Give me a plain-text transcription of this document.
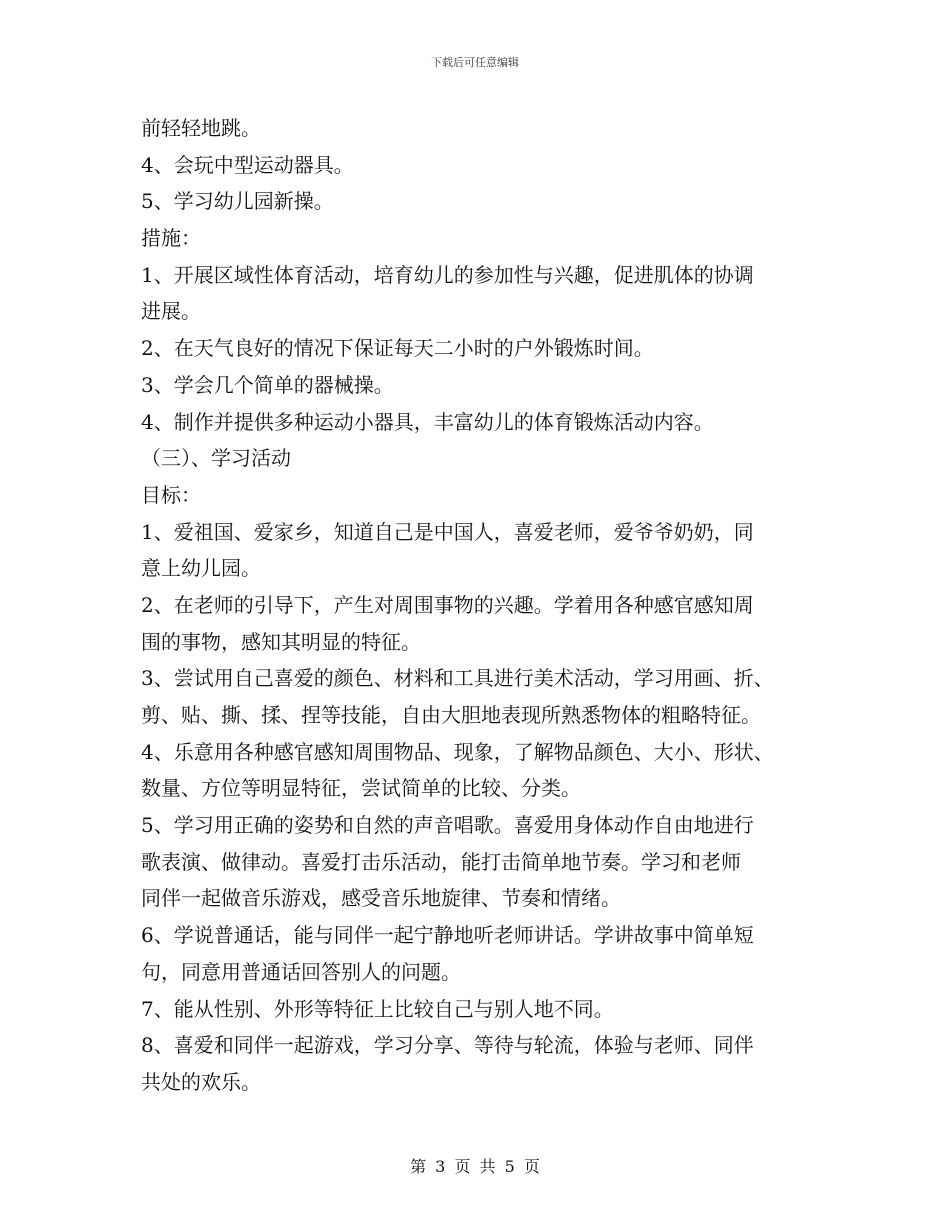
下载后可任意编辑
前轻轻地跳。
4、会玩中型运动器具。
5、学习幼儿园新操。
措施：
1、开展区域性体育活动，培育幼儿的参加性与兴趣，促进肌体的协调
进展。
2、在天气良好的情况下保证每天二小时的户外锻炼时间。
3、学会几个简单的器械操。
4、制作并提供多种运动小器具，丰富幼儿的体育锻炼活动内容。
（三）、学习活动
目标：
1、爱祖国、爱家乡，知道自己是中国人，喜爱老师，爱爷爷奶奶，同
意上幼儿园。
2、在老师的引导下，产生对周围事物的兴趣。学着用各种感官感知周
围的事物，感知其明显的特征。
3、尝试用自己喜爱的颜色、材料和工具进行美术活动，学习用画、折、
剪、贴、撕、揉、捏等技能，自由大胆地表现所熟悉物体的粗略特征。
4、乐意用各种感官感知周围物品、现象，了解物品颜色、大小、形状、
数量、方位等明显特征，尝试简单的比较、分类。
5、学习用正确的姿势和自然的声音唱歌。喜爱用身体动作自由地进行
歌表演、做律动。喜爱打击乐活动，能打击简单地节奏。学习和老师
同伴一起做音乐游戏，感受音乐地旋律、节奏和情绪。
6、学说普通话，能与同伴一起宁静地听老师讲话。学讲故事中简单短
句，同意用普通话回答别人的问题。
7、能从性别、外形等特征上比较自己与别人地不同。
8、喜爱和同伴一起游戏，学习分享、等待与轮流，体验与老师、同伴
共处的欢乐。
第 3 页 共 5 页
